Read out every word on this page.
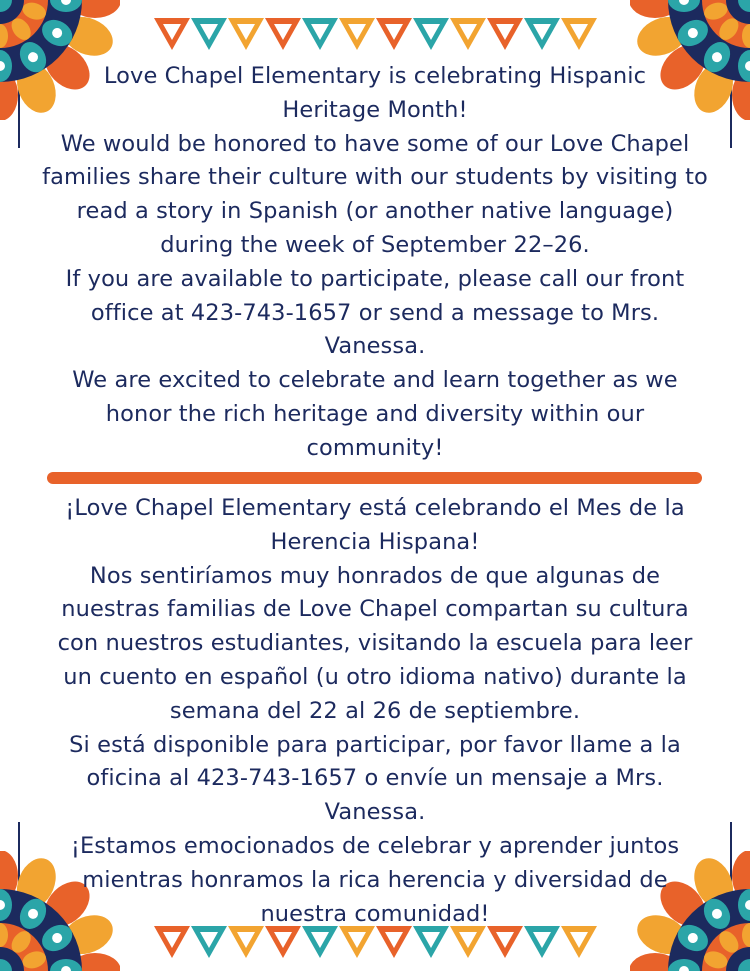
Love Chapel Elementary is celebrating Hispanic Heritage Month!

We would be honored to have some of our Love Chapel families share their culture with our students by visiting to read a story in Spanish (or another native language) during the week of September 22–26.

If you are available to participate, please call our front office at 423-743-1657 or send a message to Mrs. Vanessa.

We are excited to celebrate and learn together as we honor the rich heritage and diversity within our community!

¡Love Chapel Elementary está celebrando el Mes de la Herencia Hispana!

Nos sentiríamos muy honrados de que algunas de nuestras familias de Love Chapel compartan su cultura con nuestros estudiantes, visitando la escuela para leer un cuento en español (u otro idioma nativo) durante la semana del 22 al 26 de septiembre.

Si está disponible para participar, por favor llame a la oficina al 423-743-1657 o envíe un mensaje a Mrs. Vanessa.

¡Estamos emocionados de celebrar y aprender juntos mientras honramos la rica herencia y diversidad de nuestra comunidad!
